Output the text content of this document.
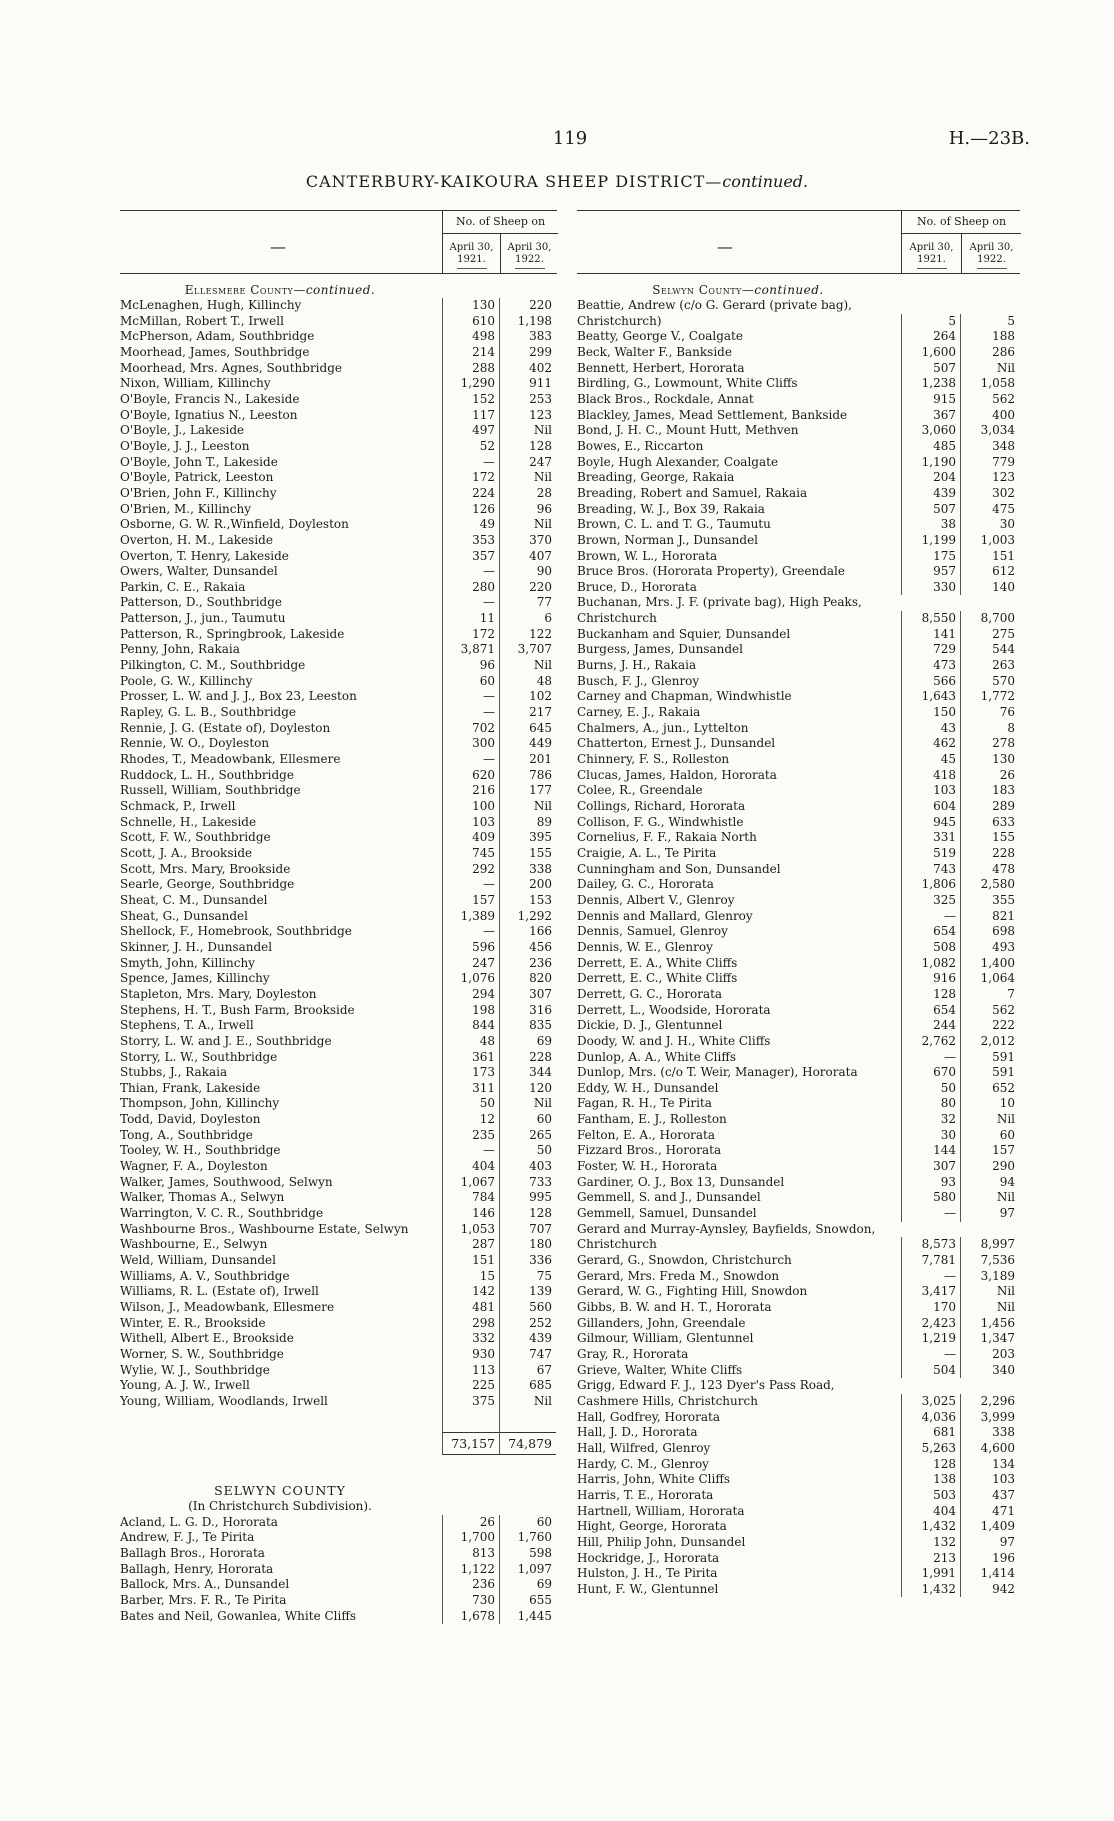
119	H.—23B.
CANTERBURY-KAIKOURA SHEEP DISTRICT—continued.
—
No. of Sheep on
April 30,
1921.
April 30,
1922.
Ellesmere County—continued.
McLenaghen, Hugh, Killinchy	130	220
McMillan, Robert T., Irwell	610	1,198
McPherson, Adam, Southbridge	498	383
Moorhead, James, Southbridge	214	299
Moorhead, Mrs. Agnes, Southbridge	288	402
Nixon, William, Killinchy	1,290	911
O'Boyle, Francis N., Lakeside	152	253
O'Boyle, Ignatius N., Leeston	117	123
O'Boyle, J., Lakeside	497	Nil
O'Boyle, J. J., Leeston	52	128
O'Boyle, John T., Lakeside	—	247
O'Boyle, Patrick, Leeston	172	Nil
O'Brien, John F., Killinchy	224	28
O'Brien, M., Killinchy	126	96
Osborne, G. W. R.,Winfield, Doyleston	49	Nil
Overton, H. M., Lakeside	353	370
Overton, T. Henry, Lakeside	357	407
Owers, Walter, Dunsandel	—	90
Parkin, C. E., Rakaia	280	220
Patterson, D., Southbridge	—	77
Patterson, J., jun., Taumutu	11	6
Patterson, R., Springbrook, Lakeside	172	122
Penny, John, Rakaia	3,871	3,707
Pilkington, C. M., Southbridge	96	Nil
Poole, G. W., Killinchy	60	48
Prosser, L. W. and J. J., Box 23, Leeston	—	102
Rapley, G. L. B., Southbridge	—	217
Rennie, J. G. (Estate of), Doyleston	702	645
Rennie, W. O., Doyleston	300	449
Rhodes, T., Meadowbank, Ellesmere	—	201
Ruddock, L. H., Southbridge	620	786
Russell, William, Southbridge	216	177
Schmack, P., Irwell	100	Nil
Schnelle, H., Lakeside	103	89
Scott, F. W., Southbridge	409	395
Scott, J. A., Brookside	745	155
Scott, Mrs. Mary, Brookside	292	338
Searle, George, Southbridge	—	200
Sheat, C. M., Dunsandel	157	153
Sheat, G., Dunsandel	1,389	1,292
Shellock, F., Homebrook, Southbridge	—	166
Skinner, J. H., Dunsandel	596	456
Smyth, John, Killinchy	247	236
Spence, James, Killinchy	1,076	820
Stapleton, Mrs. Mary, Doyleston	294	307
Stephens, H. T., Bush Farm, Brookside	198	316
Stephens, T. A., Irwell	844	835
Storry, L. W. and J. E., Southbridge	48	69
Storry, L. W., Southbridge	361	228
Stubbs, J., Rakaia	173	344
Thian, Frank, Lakeside	311	120
Thompson, John, Killinchy	50	Nil
Todd, David, Doyleston	12	60
Tong, A., Southbridge	235	265
Tooley, W. H., Southbridge	—	50
Wagner, F. A., Doyleston	404	403
Walker, James, Southwood, Selwyn	1,067	733
Walker, Thomas A., Selwyn	784	995
Warrington, V. C. R., Southbridge	146	128
Washbourne Bros., Washbourne Estate, Selwyn	1,053	707
Washbourne, E., Selwyn	287	180
Weld, William, Dunsandel	151	336
Williams, A. V., Southbridge	15	75
Williams, R. L. (Estate of), Irwell	142	139
Wilson, J., Meadowbank, Ellesmere	481	560
Winter, E. R., Brookside	298	252
Withell, Albert E., Brookside	332	439
Worner, S. W., Southbridge	930	747
Wylie, W. J., Southbridge	113	67
Young, A. J. W., Irwell	225	685
Young, William, Woodlands, Irwell	375	Nil
73,157	74,879
SELWYN COUNTY
(In Christchurch Subdivision).
Acland, L. G. D., Hororata	26	60
Andrew, F. J., Te Pirita	1,700	1,760
Ballagh Bros., Hororata	813	598
Ballagh, Henry, Hororata	1,122	1,097
Ballock, Mrs. A., Dunsandel	236	69
Barber, Mrs. F. R., Te Pirita	730	655
Bates and Neil, Gowanlea, White Cliffs	1,678	1,445
—
No. of Sheep on
April 30,
1921.
April 30,
1922.
Selwyn County—continued.
Beattie, Andrew (c/o G. Gerard (private bag), Christchurch)	5	5
Beatty, George V., Coalgate	264	188
Beck, Walter F., Bankside	1,600	286
Bennett, Herbert, Hororata	507	Nil
Birdling, G., Lowmount, White Cliffs	1,238	1,058
Black Bros., Rockdale, Annat	915	562
Blackley, James, Mead Settlement, Bankside	367	400
Bond, J. H. C., Mount Hutt, Methven	3,060	3,034
Bowes, E., Riccarton	485	348
Boyle, Hugh Alexander, Coalgate	1,190	779
Breading, George, Rakaia	204	123
Breading, Robert and Samuel, Rakaia	439	302
Breading, W. J., Box 39, Rakaia	507	475
Brown, C. L. and T. G., Taumutu	38	30
Brown, Norman J., Dunsandel	1,199	1,003
Brown, W. L., Hororata	175	151
Bruce Bros. (Hororata Property), Greendale	957	612
Bruce, D., Hororata	330	140
Buchanan, Mrs. J. F. (private bag), High Peaks, Christchurch	8,550	8,700
Buckanham and Squier, Dunsandel	141	275
Burgess, James, Dunsandel	729	544
Burns, J. H., Rakaia	473	263
Busch, F. J., Glenroy	566	570
Carney and Chapman, Windwhistle	1,643	1,772
Carney, E. J., Rakaia	150	76
Chalmers, A., jun., Lyttelton	43	8
Chatterton, Ernest J., Dunsandel	462	278
Chinnery, F. S., Rolleston	45	130
Clucas, James, Haldon, Hororata	418	26
Colee, R., Greendale	103	183
Collings, Richard, Hororata	604	289
Collison, F. G., Windwhistle	945	633
Cornelius, F. F., Rakaia North	331	155
Craigie, A. L., Te Pirita	519	228
Cunningham and Son, Dunsandel	743	478
Dailey, G. C., Hororata	1,806	2,580
Dennis, Albert V., Glenroy	325	355
Dennis and Mallard, Glenroy	—	821
Dennis, Samuel, Glenroy	654	698
Dennis, W. E., Glenroy	508	493
Derrett, E. A., White Cliffs	1,082	1,400
Derrett, E. C., White Cliffs	916	1,064
Derrett, G. C., Hororata	128	7
Derrett, L., Woodside, Hororata	654	562
Dickie, D. J., Glentunnel	244	222
Doody, W. and J. H., White Cliffs	2,762	2,012
Dunlop, A. A., White Cliffs	—	591
Dunlop, Mrs. (c/o T. Weir, Manager), Hororata	670	591
Eddy, W. H., Dunsandel	50	652
Fagan, R. H., Te Pirita	80	10
Fantham, E. J., Rolleston	32	Nil
Felton, E. A., Hororata	30	60
Fizzard Bros., Hororata	144	157
Foster, W. H., Hororata	307	290
Gardiner, O. J., Box 13, Dunsandel	93	94
Gemmell, S. and J., Dunsandel	580	Nil
Gemmell, Samuel, Dunsandel	—	97
Gerard and Murray-Aynsley, Bayfields, Snowdon, Christchurch	8,573	8,997
Gerard, G., Snowdon, Christchurch	7,781	7,536
Gerard, Mrs. Freda M., Snowdon	—	3,189
Gerard, W. G., Fighting Hill, Snowdon	3,417	Nil
Gibbs, B. W. and H. T., Hororata	170	Nil
Gillanders, John, Greendale	2,423	1,456
Gilmour, William, Glentunnel	1,219	1,347
Gray, R., Hororata	—	203
Grieve, Walter, White Cliffs	504	340
Grigg, Edward F. J., 123 Dyer's Pass Road, Cashmere Hills, Christchurch	3,025	2,296
Hall, Godfrey, Hororata	4,036	3,999
Hall, J. D., Hororata	681	338
Hall, Wilfred, Glenroy	5,263	4,600
Hardy, C. M., Glenroy	128	134
Harris, John, White Cliffs	138	103
Harris, T. E., Hororata	503	437
Hartnell, William, Hororata	404	471
Hight, George, Hororata	1,432	1,409
Hill, Philip John, Dunsandel	132	97
Hockridge, J., Hororata	213	196
Hulston, J. H., Te Pirita	1,991	1,414
Hunt, F. W., Glentunnel	1,432	942
